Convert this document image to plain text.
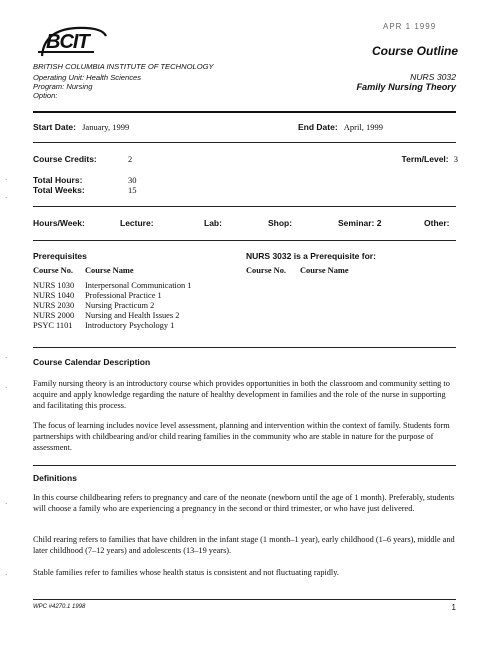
APR 1 1999
BCIT	Course Outline
BRITISH COLUMBIA INSTITUTE OF TECHNOLOGY
Operating Unit: Health Sciences
Program: Nursing
Option:
NURS 3032
Family Nursing Theory
Start Date: January, 1999	End Date: April, 1999
Course Credits:	2	Term/Level: 3
Total Hours:	30
Total Weeks:	15
Hours/Week:	Lecture:	Lab:	Shop:	Seminar: 2	Other:
Prerequisites
Course No.	Course Name

NURS 1030	Interpersonal Communication 1
NURS 1040	Professional Practice 1
NURS 2030	Nursing Practicum 2
NURS 2000	Nursing and Health Issues 2
PSYC 1101	Introductory Psychology 1
NURS 3032 is a Prerequisite for:
Course No.	Course Name
Course Calendar Description

Family nursing theory is an introductory course which provides opportunities in both the classroom and community setting to acquire and apply knowledge regarding the nature of healthy development in families and the role of the nurse in supporting and facilitating this process.

The focus of learning includes novice level assessment, planning and intervention within the context of family. Students form partnerships with childbearing and/or child rearing families in the community who are stable in nature for the purpose of assessment.

Definitions

In this course childbearing refers to pregnancy and care of the neonate (newborn until the age of 1 month). Preferably, students will choose a family who are experiencing a pregnancy in the second or third trimester, or who have just delivered.

Child rearing refers to families that have children in the infant stage (1 month–1 year), early childhood (1–6 years), middle and later childhood (7–12 years) and adolescents (13–19 years).

Stable families refer to families whose health status is consistent and not fluctuating rapidly.

WPC #4270.1 1998	1
·
·
·
·
·
·
